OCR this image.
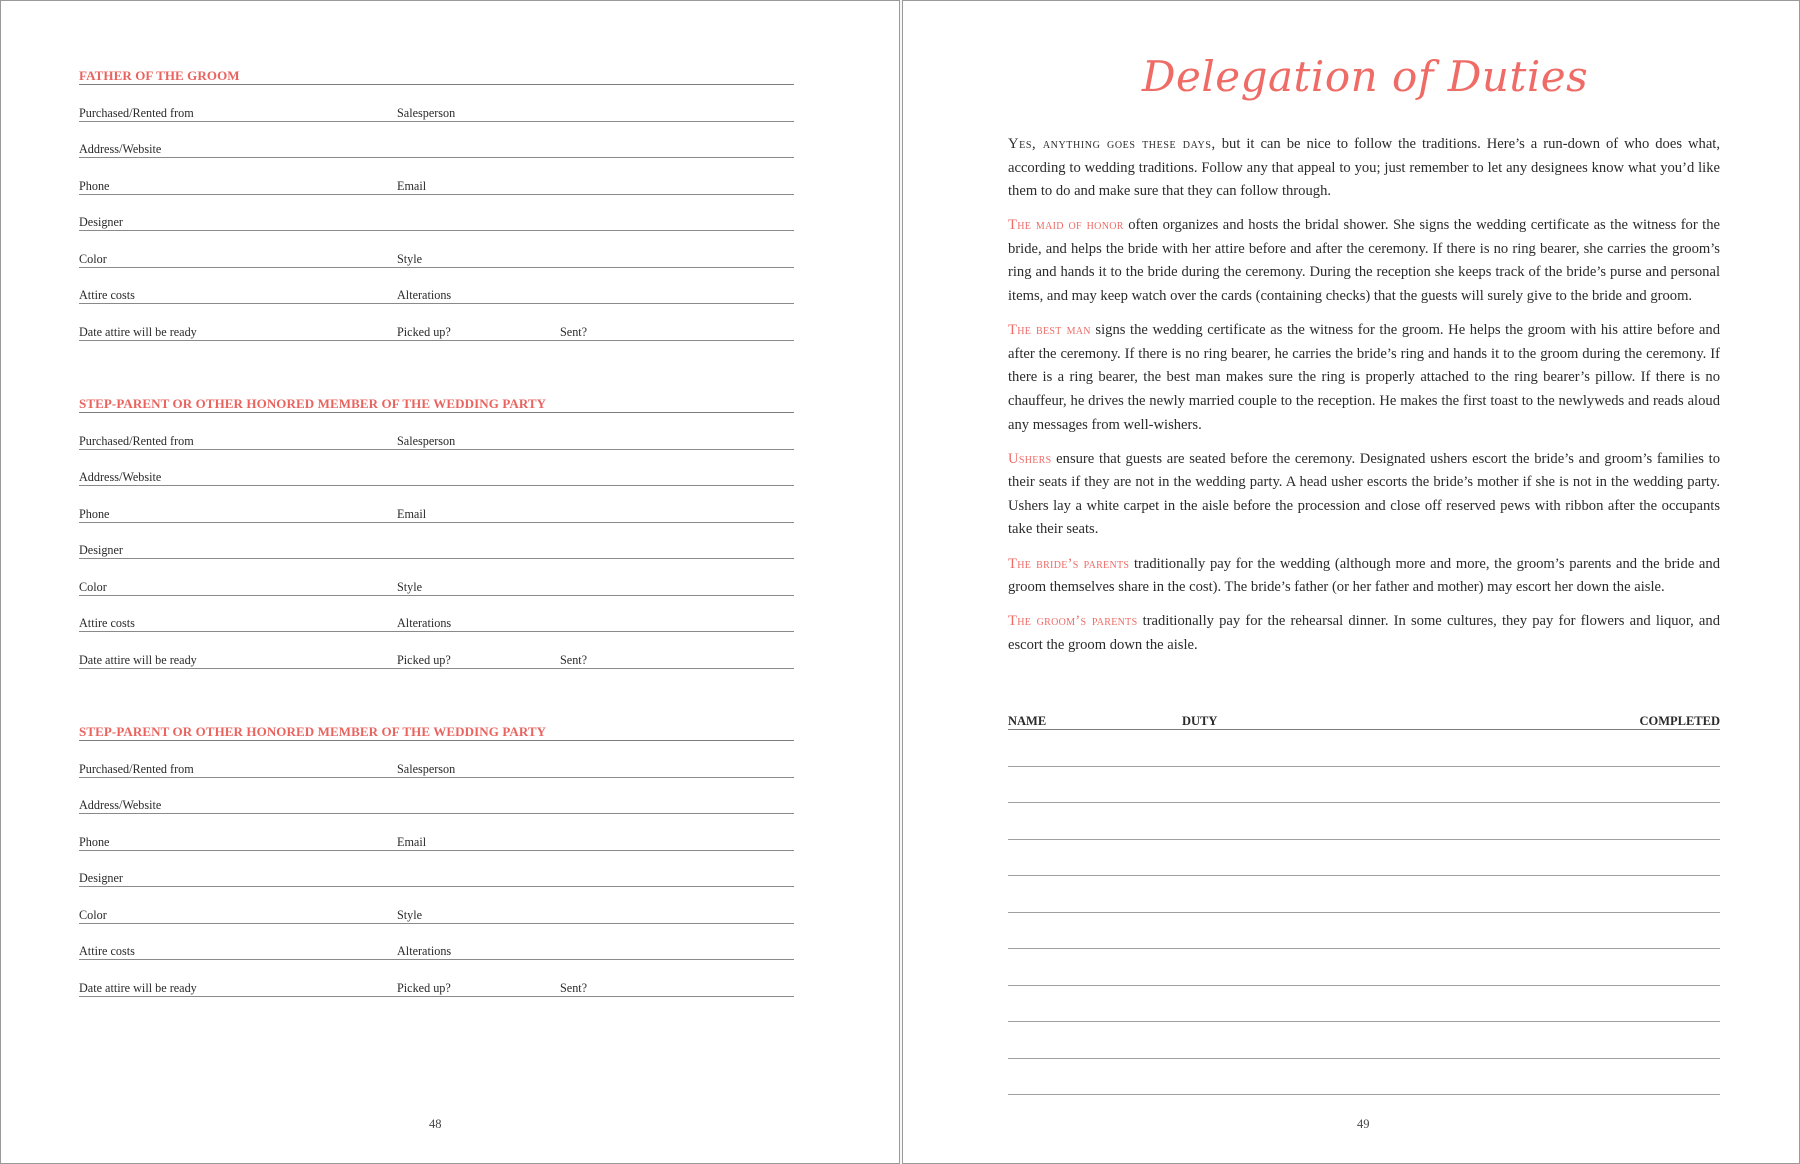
FATHER OF THE GROOM
Purchased/Rented from	Salesperson
Address/Website
Phone	Email
Designer
Color	Style
Attire costs	Alterations
Date attire will be ready	Picked up?	Sent?
STEP-PARENT OR OTHER HONORED MEMBER OF THE WEDDING PARTY
Purchased/Rented from	Salesperson
Address/Website
Phone	Email
Designer
Color	Style
Attire costs	Alterations
Date attire will be ready	Picked up?	Sent?
STEP-PARENT OR OTHER HONORED MEMBER OF THE WEDDING PARTY
Purchased/Rented from	Salesperson
Address/Website
Phone	Email
Designer
Color	Style
Attire costs	Alterations
Date attire will be ready	Picked up?	Sent?
48
Delegation of Duties

Yes, anything goes these days, but it can be nice to follow the traditions. Here’s a run-down of who does what, according to wedding traditions. Follow any that appeal to you; just remember to let any designees know what you’d like them to do and make sure that they can follow through.

The maid of honor often organizes and hosts the bridal shower. She signs the wedding certificate as the witness for the bride, and helps the bride with her attire before and after the ceremony. If there is no ring bearer, she carries the groom’s ring and hands it to the bride during the ceremony. During the reception she keeps track of the bride’s purse and personal items, and may keep watch over the cards (containing checks) that the guests will surely give to the bride and groom.

The best man signs the wedding certificate as the witness for the groom. He helps the groom with his attire before and after the ceremony. If there is no ring bearer, he carries the bride’s ring and hands it to the groom during the ceremony. If there is a ring bearer, the best man makes sure the ring is properly attached to the ring bearer’s pillow. If there is no chauffeur, he drives the newly married couple to the reception. He makes the first toast to the newlyweds and reads aloud any messages from well-wishers.

Ushers ensure that guests are seated before the ceremony. Designated ushers escort the bride’s and groom’s families to their seats if they are not in the wedding party. A head usher escorts the bride’s mother if she is not in the wedding party. Ushers lay a white carpet in the aisle before the procession and close off reserved pews with ribbon after the occupants take their seats.

The bride’s parents traditionally pay for the wedding (although more and more, the groom’s parents and the bride and groom themselves share in the cost). The bride’s father (or her father and mother) may escort her down the aisle.

The groom’s parents traditionally pay for the rehearsal dinner. In some cultures, they pay for flowers and liquor, and escort the groom down the aisle.

NAME	DUTY	COMPLETED
49
